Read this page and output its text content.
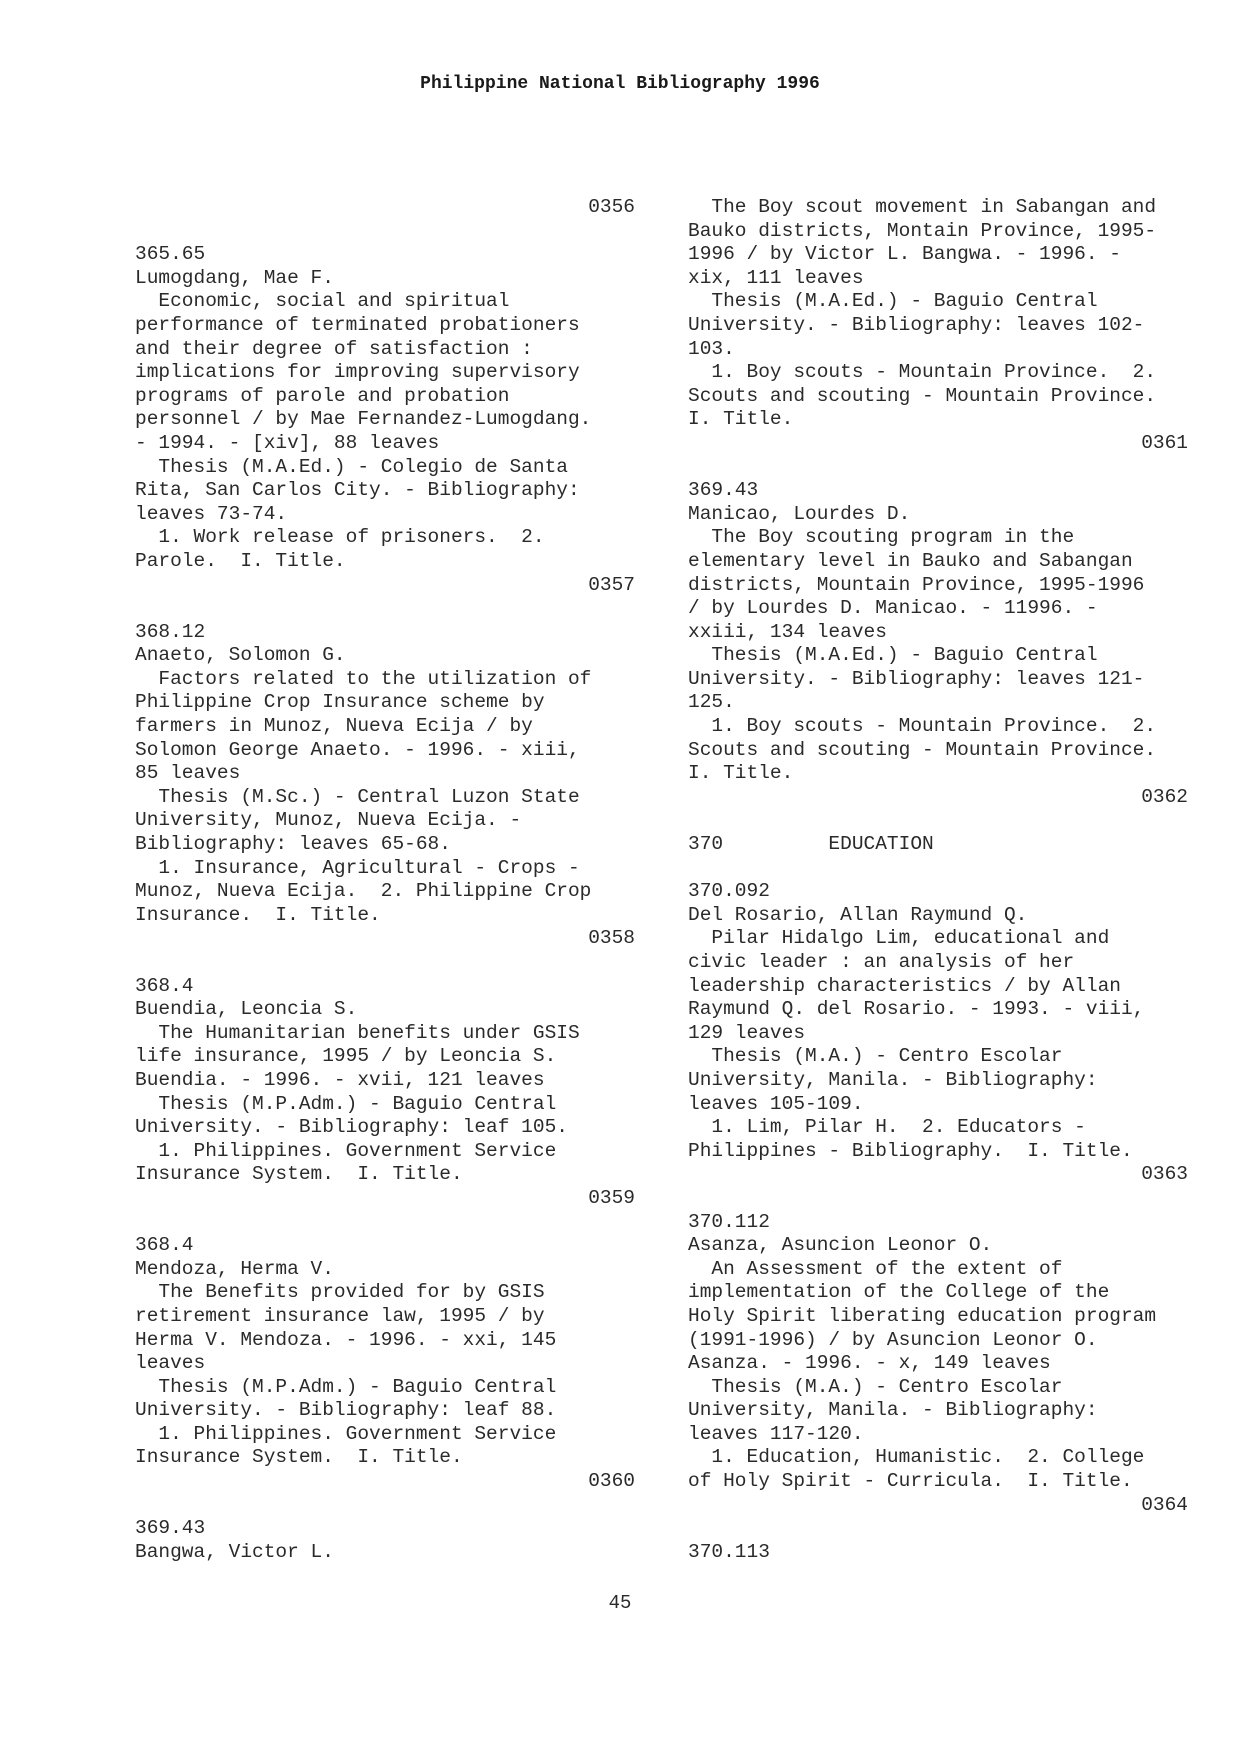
Philippine National Bibliography 1996
0356
365.65
Lumogdang, Mae F.
Economic, social and spiritual
performance of terminated probationers
and their degree of satisfaction :
implications for improving supervisory
programs of parole and probation
personnel / by Mae Fernandez-Lumogdang.
- 1994. - [xiv], 88 leaves
Thesis (M.A.Ed.) - Colegio de Santa
Rita, San Carlos City. - Bibliography:
leaves 73-74.
1. Work release of prisoners.  2.
Parole.  I. Title.
0357
368.12
Anaeto, Solomon G.
Factors related to the utilization of
Philippine Crop Insurance scheme by
farmers in Munoz, Nueva Ecija / by
Solomon George Anaeto. - 1996. - xiii,
85 leaves
Thesis (M.Sc.) - Central Luzon State
University, Munoz, Nueva Ecija. -
Bibliography: leaves 65-68.
1. Insurance, Agricultural - Crops -
Munoz, Nueva Ecija.  2. Philippine Crop
Insurance.  I. Title.
0358
368.4
Buendia, Leoncia S.
The Humanitarian benefits under GSIS
life insurance, 1995 / by Leoncia S.
Buendia. - 1996. - xvii, 121 leaves
Thesis (M.P.Adm.) - Baguio Central
University. - Bibliography: leaf 105.
1. Philippines. Government Service
Insurance System.  I. Title.
0359
368.4
Mendoza, Herma V.
The Benefits provided for by GSIS
retirement insurance law, 1995 / by
Herma V. Mendoza. - 1996. - xxi, 145
leaves
Thesis (M.P.Adm.) - Baguio Central
University. - Bibliography: leaf 88.
1. Philippines. Government Service
Insurance System.  I. Title.
0360
369.43
Bangwa, Victor L.
The Boy scout movement in Sabangan and
Bauko districts, Montain Province, 1995-
1996 / by Victor L. Bangwa. - 1996. -
xix, 111 leaves
Thesis (M.A.Ed.) - Baguio Central
University. - Bibliography: leaves 102-
103.
1. Boy scouts - Mountain Province.  2.
Scouts and scouting - Mountain Province.
I. Title.
0361
369.43
Manicao, Lourdes D.
The Boy scouting program in the
elementary level in Bauko and Sabangan
districts, Mountain Province, 1995-1996
/ by Lourdes D. Manicao. - 11996. -
xxiii, 134 leaves
Thesis (M.A.Ed.) - Baguio Central
University. - Bibliography: leaves 121-
125.
1. Boy scouts - Mountain Province.  2.
Scouts and scouting - Mountain Province.
I. Title.
0362
370         EDUCATION
370.092
Del Rosario, Allan Raymund Q.
Pilar Hidalgo Lim, educational and
civic leader : an analysis of her
leadership characteristics / by Allan
Raymund Q. del Rosario. - 1993. - viii,
129 leaves
Thesis (M.A.) - Centro Escolar
University, Manila. - Bibliography:
leaves 105-109.
1. Lim, Pilar H.  2. Educators -
Philippines - Bibliography.  I. Title.
0363
370.112
Asanza, Asuncion Leonor O.
An Assessment of the extent of
implementation of the College of the
Holy Spirit liberating education program
(1991-1996) / by Asuncion Leonor O.
Asanza. - 1996. - x, 149 leaves
Thesis (M.A.) - Centro Escolar
University, Manila. - Bibliography:
leaves 117-120.
1. Education, Humanistic.  2. College
of Holy Spirit - Curricula.  I. Title.
0364
370.113
45
